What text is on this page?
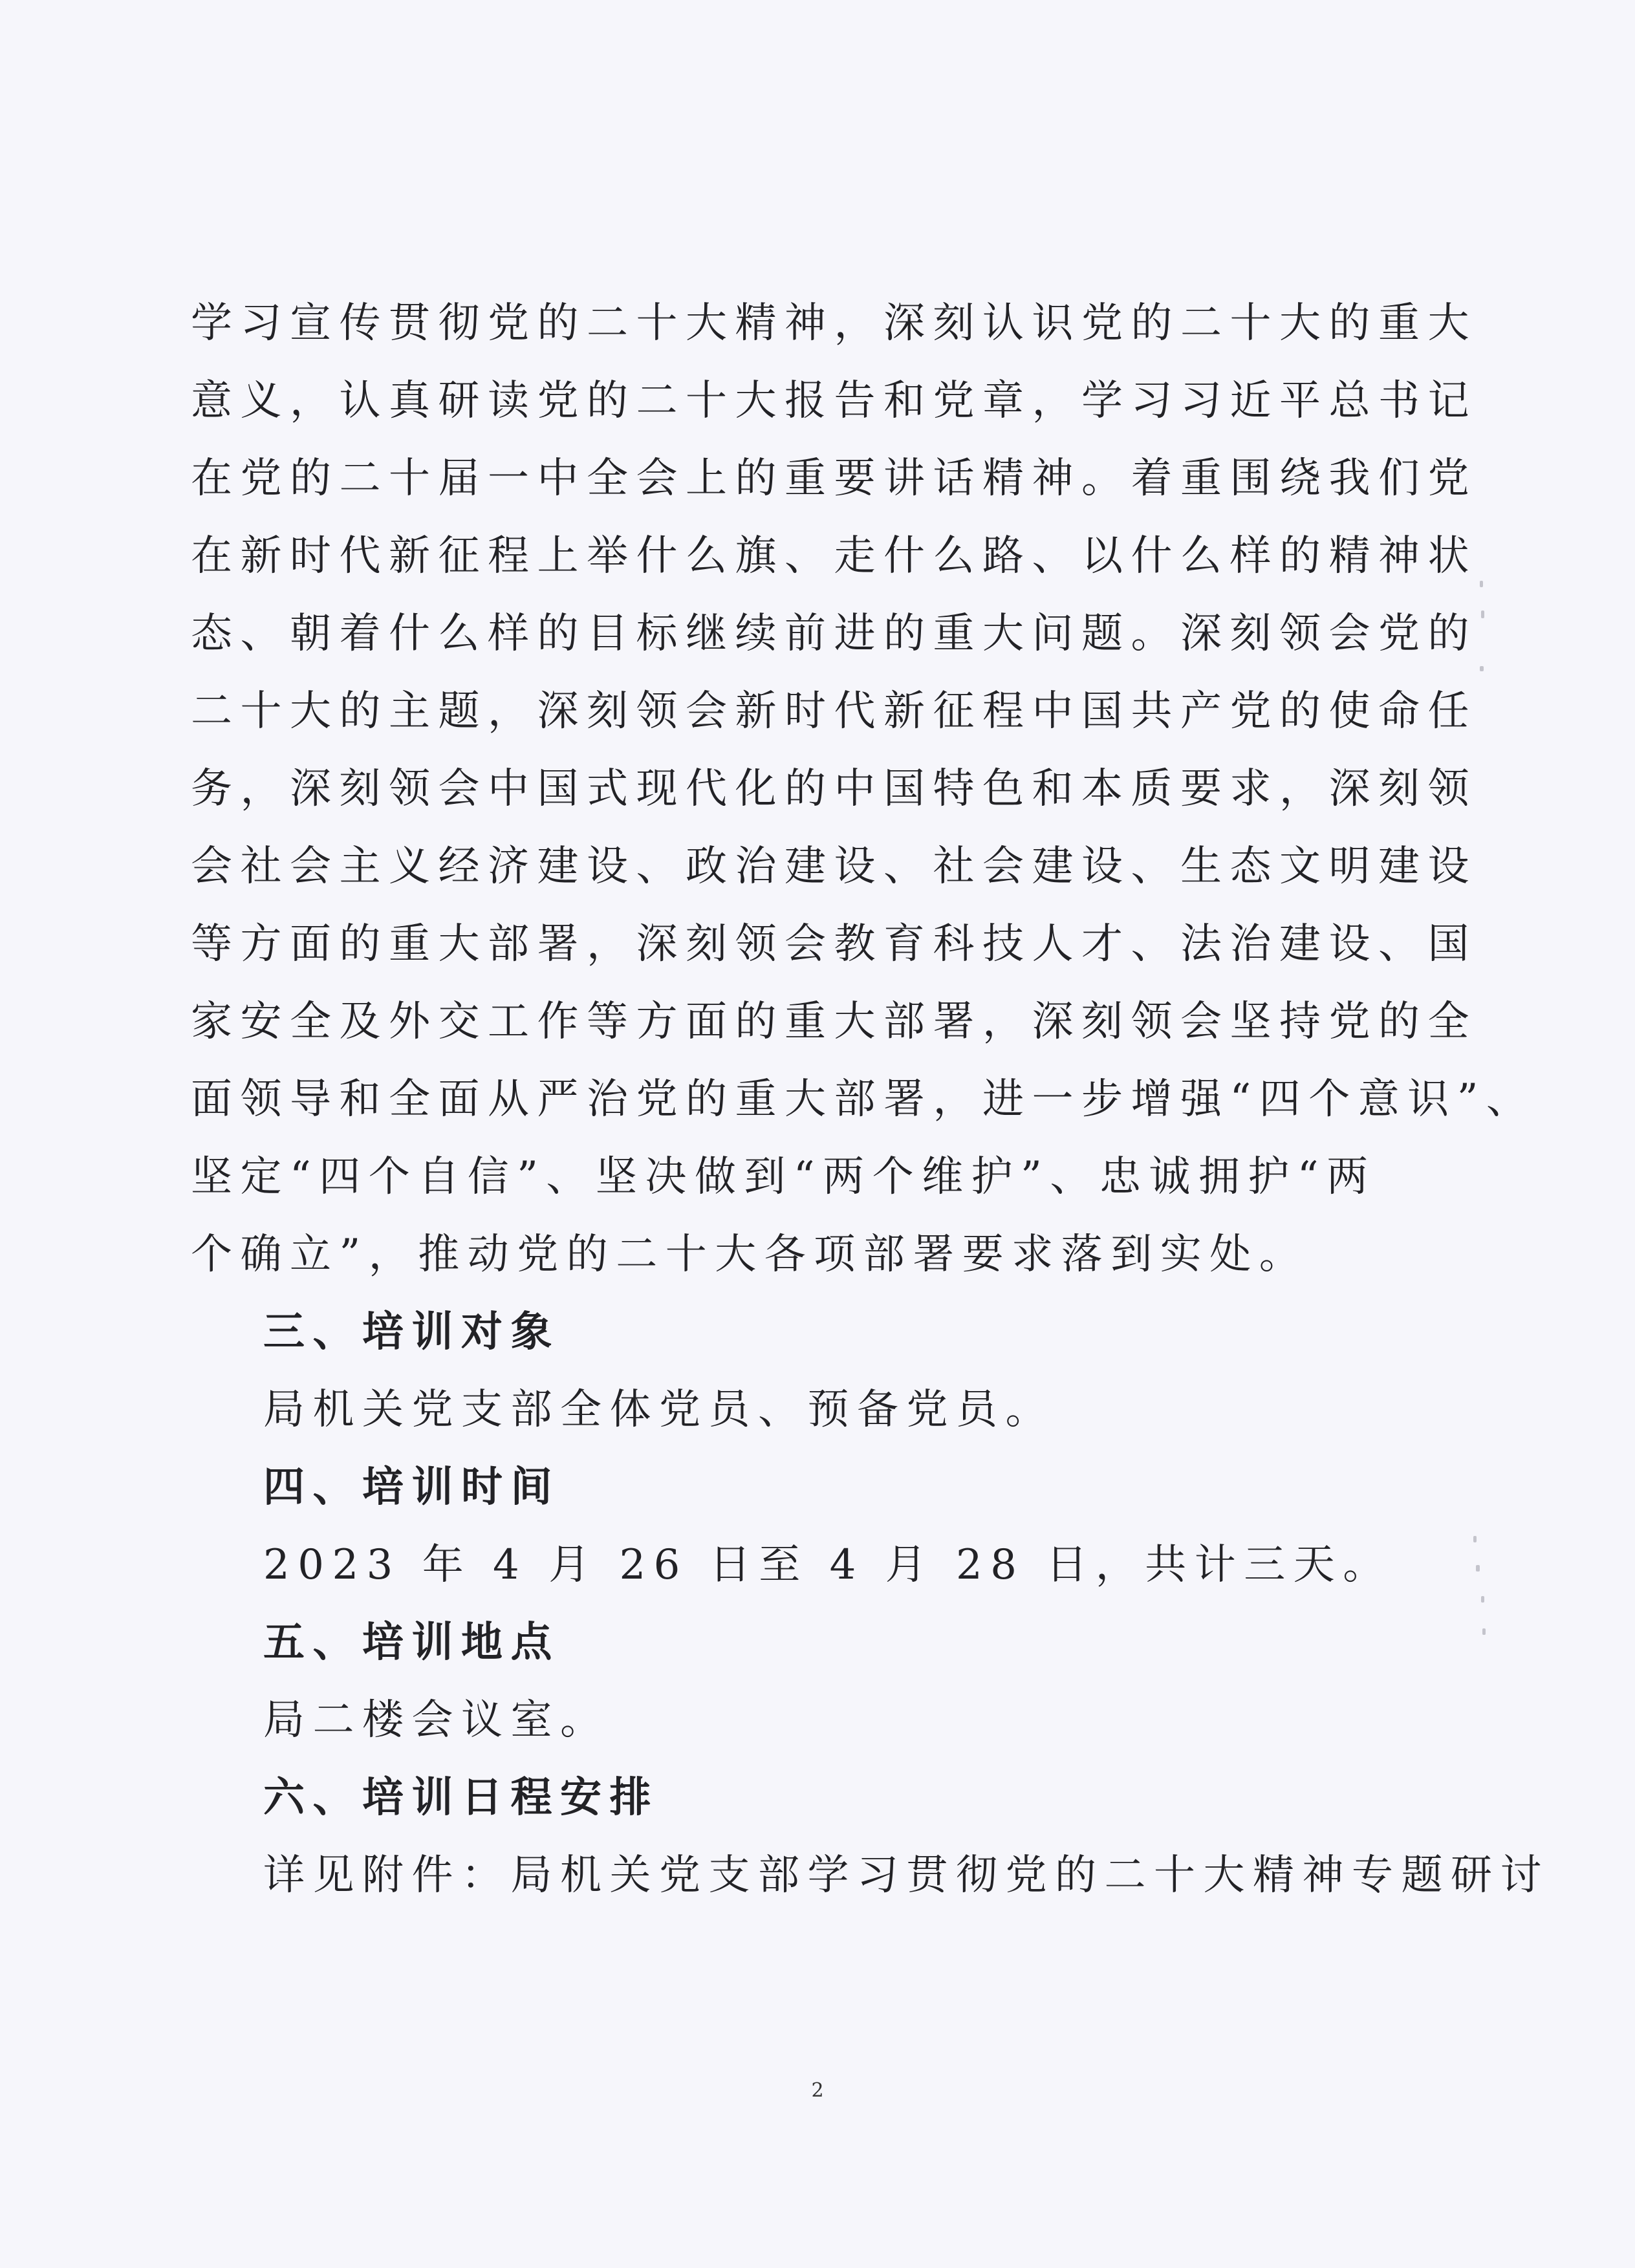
学习宣传贯彻党的二十大精神，深刻认识党的二十大的重大
意义，认真研读党的二十大报告和党章，学习习近平总书记
在党的二十届一中全会上的重要讲话精神。着重围绕我们党
在新时代新征程上举什么旗、走什么路、以什么样的精神状
态、朝着什么样的目标继续前进的重大问题。深刻领会党的
二十大的主题，深刻领会新时代新征程中国共产党的使命任
务，深刻领会中国式现代化的中国特色和本质要求，深刻领
会社会主义经济建设、政治建设、社会建设、生态文明建设
等方面的重大部署，深刻领会教育科技人才、法治建设、国
家安全及外交工作等方面的重大部署，深刻领会坚持党的全
面领导和全面从严治党的重大部署，进一步增强“四个意识”、
坚定“四个自信”、坚决做到“两个维护”、忠诚拥护“两
个确立”，推动党的二十大各项部署要求落到实处。
三、培训对象
局机关党支部全体党员、预备党员。
四、培训时间
2023 年 4 月 26 日至 4 月 28 日，共计三天。
五、培训地点
局二楼会议室。
六、培训日程安排
详见附件：局机关党支部学习贯彻党的二十大精神专题研讨
2
